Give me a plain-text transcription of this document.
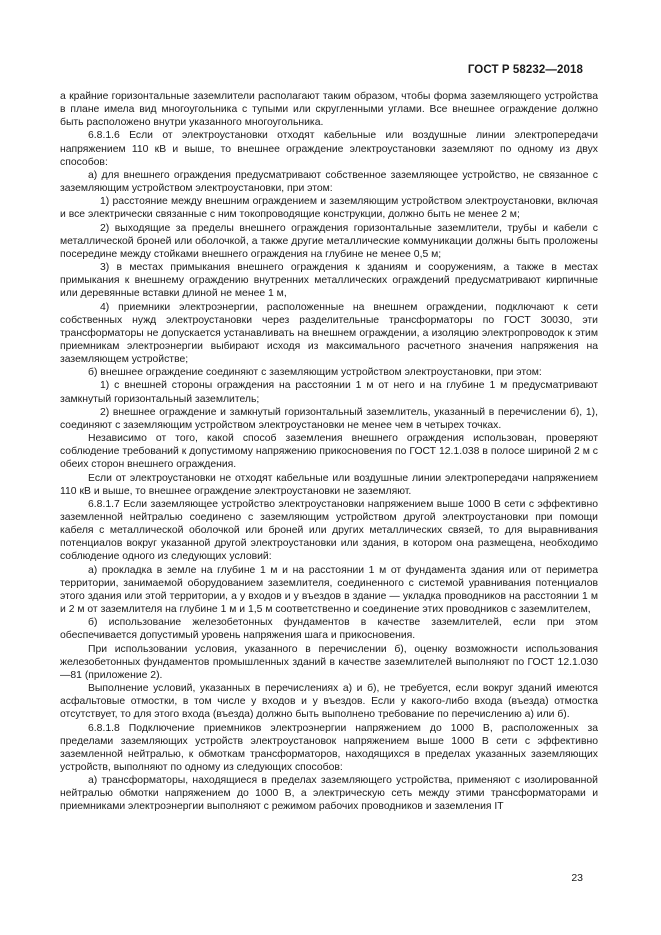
ГОСТ Р 58232—2018

а крайние горизонтальные заземлители располагают таким образом, чтобы форма заземляющего устройства в плане имела вид многоугольника с тупыми или скругленными углами. Все внешнее ограждение должно быть расположено внутри указанного многоугольника.

6.8.1.6 Если от электроустановки отходят кабельные или воздушные линии электропередачи напряжением 110 кВ и выше, то внешнее ограждение электроустановки заземляют по одному из двух способов:

а) для внешнего ограждения предусматривают собственное заземляющее устройство, не связанное с заземляющим устройством электроустановки, при этом:

1) расстояние между внешним ограждением и заземляющим устройством электроустановки, включая и все электрически связанные с ним токопроводящие конструкции, должно быть не менее 2 м;

2) выходящие за пределы внешнего ограждения горизонтальные заземлители, трубы и кабели с металлической броней или оболочкой, а также другие металлические коммуникации должны быть проложены посередине между стойками внешнего ограждения на глубине не менее 0,5 м;

3) в местах примыкания внешнего ограждения к зданиям и сооружениям, а также в местах примыкания к внешнему ограждению внутренних металлических ограждений предусматривают кирпичные или деревянные вставки длиной не менее 1 м,

4) приемники электроэнергии, расположенные на внешнем ограждении, подключают к сети собственных нужд электроустановки через разделительные трансформаторы по ГОСТ 30030, эти трансформаторы не допускается устанавливать на внешнем ограждении, а изоляцию электропроводок к этим приемникам электроэнергии выбирают исходя из максимального расчетного значения напряжения на заземляющем устройстве;

б) внешнее ограждение соединяют с заземляющим устройством электроустановки, при этом:

1) с внешней стороны ограждения на расстоянии 1 м от него и на глубине 1 м предусматривают замкнутый горизонтальный заземлитель;

2) внешнее ограждение и замкнутый горизонтальный заземлитель, указанный в перечислении б), 1), соединяют с заземляющим устройством электроустановки не менее чем в четырех точках.

Независимо от того, какой способ заземления внешнего ограждения использован, проверяют соблюдение требований к допустимому напряжению прикосновения по ГОСТ 12.1.038 в полосе шириной 2 м с обеих сторон внешнего ограждения.

Если от электроустановки не отходят кабельные или воздушные линии электропередачи напряжением 110 кВ и выше, то внешнее ограждение электроустановки не заземляют.

6.8.1.7 Если заземляющее устройство электроустановки напряжением выше 1000 В сети с эффективно заземленной нейтралью соединено с заземляющим устройством другой электроустановки при помощи кабеля с металлической оболочкой или броней или других металлических связей, то для выравнивания потенциалов вокруг указанной другой электроустановки или здания, в котором она размещена, необходимо соблюдение одного из следующих условий:

а) прокладка в земле на глубине 1 м и на расстоянии 1 м от фундамента здания или от периметра территории, занимаемой оборудованием заземлителя, соединенного с системой уравнивания потенциалов этого здания или этой территории, а у входов и у въездов в здание — укладка проводников на расстоянии 1 м и 2 м от заземлителя на глубине 1 м и 1,5 м соответственно и соединение этих проводников с заземлителем,

б) использование железобетонных фундаментов в качестве заземлителей, если при этом обеспечивается допустимый уровень напряжения шага и прикосновения.

При использовании условия, указанного в перечислении б), оценку возможности использования железобетонных фундаментов промышленных зданий в качестве заземлителей выполняют по ГОСТ 12.1.030—81 (приложение 2).

Выполнение условий, указанных в перечислениях а) и б), не требуется, если вокруг зданий имеются асфальтовые отмостки, в том числе у входов и у въездов. Если у какого-либо входа (въезда) отмостка отсутствует, то для этого входа (въезда) должно быть выполнено требование по перечислению а) или б).

6.8.1.8 Подключение приемников электроэнергии напряжением до 1000 В, расположенных за пределами заземляющих устройств электроустановок напряжением выше 1000 В сети с эффективно заземленной нейтралью, к обмоткам трансформаторов, находящихся в пределах указанных заземляющих устройств, выполняют по одному из следующих способов:

а) трансформаторы, находящиеся в пределах заземляющего устройства, применяют с изолированной нейтралью обмотки напряжением до 1000 В, а электрическую сеть между этими трансформаторами и приемниками электроэнергии выполняют с режимом рабочих проводников и заземления IT

23
